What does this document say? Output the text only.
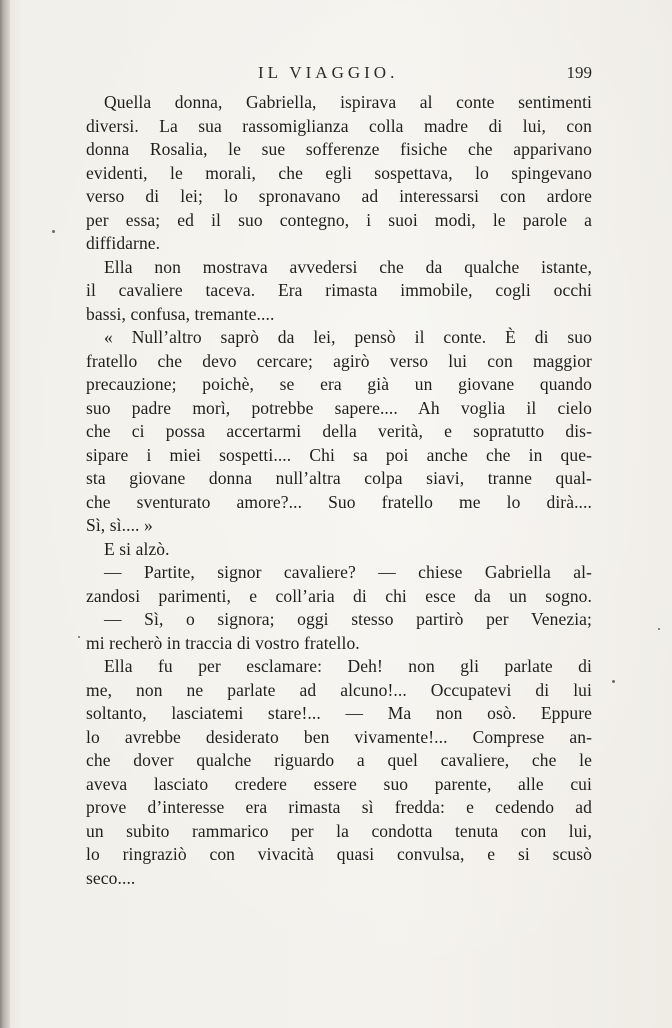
IL VIAGGIO.	199
Quella donna, Gabriella, ispirava al conte sentimenti
diversi. La sua rassomiglianza colla madre di lui, con
donna Rosalia, le sue sofferenze fisiche che apparivano
evidenti, le morali, che egli sospettava, lo spingevano
verso di lei; lo spronavano ad interessarsi con ardore
per essa; ed il suo contegno, i suoi modi, le parole a
diffidarne.
Ella non mostrava avvedersi che da qualche istante,
il cavaliere taceva. Era rimasta immobile, cogli occhi
bassi, confusa, tremante....
« Null’altro saprò da lei, pensò il conte. È di suo
fratello che devo cercare; agirò verso lui con maggior
precauzione; poichè, se era già un giovane quando
suo padre morì, potrebbe sapere.... Ah voglia il cielo
che ci possa accertarmi della verità, e sopratutto dis-
sipare i miei sospetti.... Chi sa poi anche che in que-
sta giovane donna null’altra colpa siavi, tranne qual-
che sventurato amore?... Suo fratello me lo dirà....
Sì, sì.... »
E si alzò.
— Partite, signor cavaliere? — chiese Gabriella al-
zandosi parimenti, e coll’aria di chi esce da un sogno.
— Sì, o signora; oggi stesso partirò per Venezia;
mi recherò in traccia di vostro fratello.
Ella fu per esclamare: Deh! non gli parlate di
me, non ne parlate ad alcuno!... Occupatevi di lui
soltanto, lasciatemi stare!... — Ma non osò. Eppure
lo avrebbe desiderato ben vivamente!... Comprese an-
che dover qualche riguardo a quel cavaliere, che le
aveva lasciato credere essere suo parente, alle cui
prove d’interesse era rimasta sì fredda: e cedendo ad
un subito rammarico per la condotta tenuta con lui,
lo ringraziò con vivacità quasi convulsa, e si scusò
seco....
